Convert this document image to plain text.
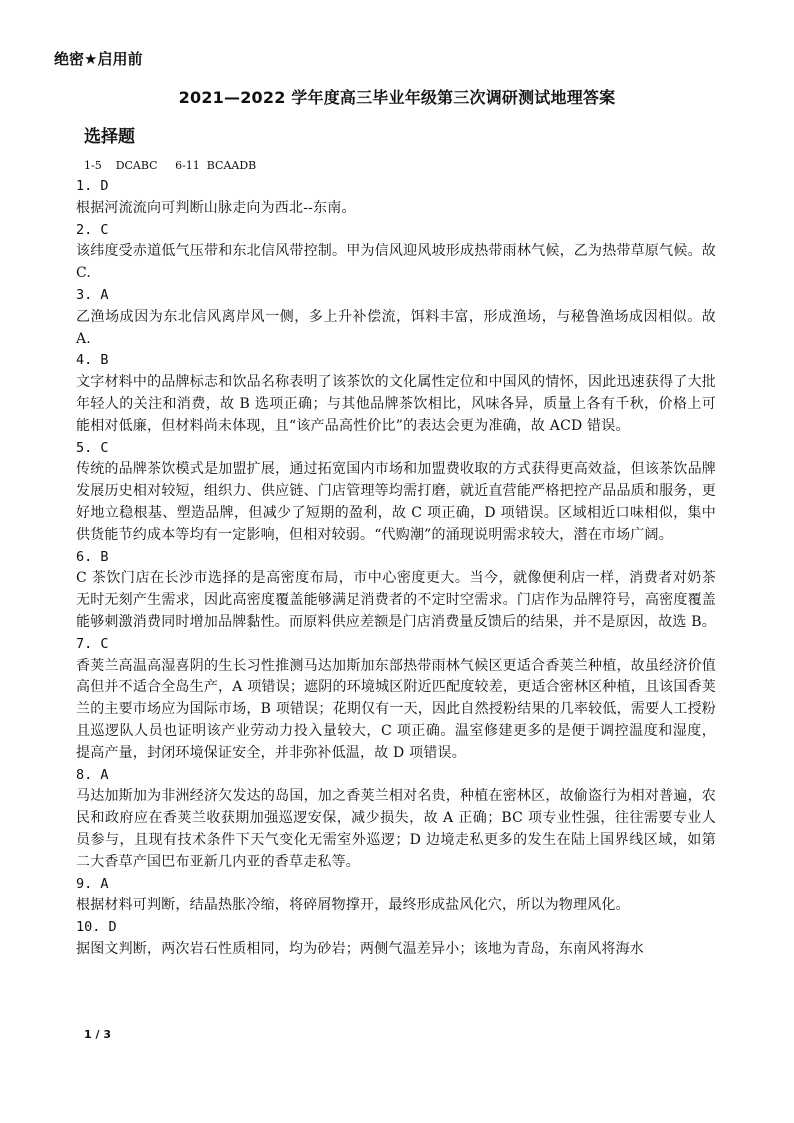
绝密★启用前
2021—2022 学年度高三毕业年级第三次调研测试地理答案
选择题
1-5    DCABC     6-11  BCAADB
1. D
根据河流流向可判断山脉走向为西北--东南。
2. C
该纬度受赤道低气压带和东北信风带控制。甲为信风迎风坡形成热带雨林气候，乙为热带草原气候。故 C.
3. A
乙渔场成因为东北信风离岸风一侧，多上升补偿流，饵料丰富，形成渔场，与秘鲁渔场成因相似。故 A.
4. B
文字材料中的品牌标志和饮品名称表明了该茶饮的文化属性定位和中国风的情怀，因此迅速获得了大批年轻人的关注和消费，故 B 选项正确；与其他品牌茶饮相比，风味各异，质量上各有千秋，价格上可能相对低廉，但材料尚未体现，且“该产品高性价比”的表达会更为准确，故 ACD 错误。
5. C
传统的品牌茶饮模式是加盟扩展，通过拓宽国内市场和加盟费收取的方式获得更高效益，但该茶饮品牌发展历史相对较短，组织力、供应链、门店管理等均需打磨，就近直营能严格把控产品品质和服务，更好地立稳根基、塑造品牌，但减少了短期的盈利，故 C 项正确，D 项错误。区域相近口味相似，集中供货能节约成本等均有一定影响，但相对较弱。“代购潮”的涌现说明需求较大，潜在市场广阔。
6. B
C 茶饮门店在长沙市选择的是高密度布局，市中心密度更大。当今，就像便利店一样，消费者对奶茶无时无刻产生需求，因此高密度覆盖能够满足消费者的不定时空需求。门店作为品牌符号，高密度覆盖能够刺激消费同时增加品牌黏性。而原料供应差额是门店消费量反馈后的结果，并不是原因，故选 B。
7. C
香荚兰高温高湿喜阴的生长习性推测马达加斯加东部热带雨林气候区更适合香荚兰种植，故虽经济价值高但并不适合全岛生产，A 项错误；遮阴的环境城区附近匹配度较差，更适合密林区种植，且该国香荚兰的主要市场应为国际市场，B 项错误；花期仅有一天，因此自然授粉结果的几率较低，需要人工授粉且巡逻队人员也证明该产业劳动力投入量较大，C 项正确。温室修建更多的是便于调控温度和湿度，提高产量，封闭环境保证安全，并非弥补低温，故 D 项错误。
8. A
马达加斯加为非洲经济欠发达的岛国，加之香荚兰相对名贵，种植在密林区，故偷盗行为相对普遍，农民和政府应在香荚兰收获期加强巡逻安保，减少损失，故 A 正确；BC 项专业性强，往往需要专业人员参与，且现有技术条件下天气变化无需室外巡逻；D 边境走私更多的发生在陆上国界线区域，如第二大香草产国巴布亚新几内亚的香草走私等。
9. A
根据材料可判断，结晶热胀冷缩，将碎屑物撑开，最终形成盐风化穴，所以为物理风化。
10. D
据图文判断，两次岩石性质相同，均为砂岩；两侧气温差异小；该地为青岛，东南风将海水
1 / 3
